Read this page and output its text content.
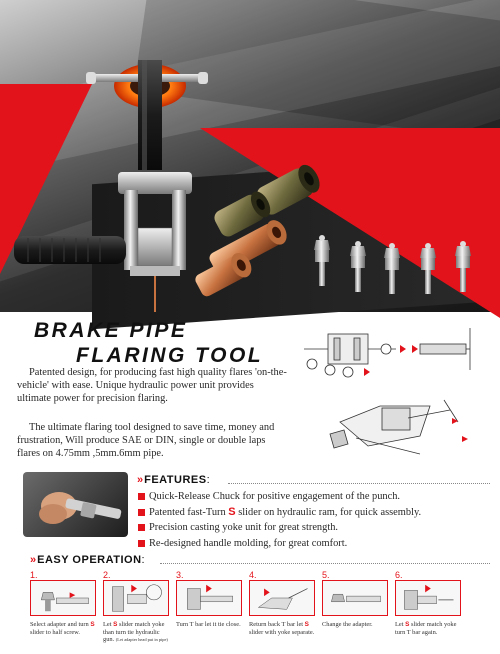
BRAKE PIPE
FLARING TOOL

Patented design, for producing fast high quality flares 'on-the-vehicle' with ease. Unique hydraulic power unit provides ultimate power for precision flaring.

The ultimate flaring tool designed to save time, money and frustration, Will produce SAE or DIN, single or double laps flares on 4.75mm ,5mm.6mm pipe.

» FEATURES:
Quick-Release Chuck for positive engagement of the punch.
Patented fast-Turn S slider on hydraulic ram, for quick assembly.
Precision casting yoke unit for great strength.
Re-designed handle molding, for great comfort.
» EASY OPERATION:
1.
Select adapter and turn S slider to half screw.
2.
Let S slider match yoke than turn tie hydraulic gun. (Let adapter head put in pipe)
3.
Turn T bar let it tie close.
4.
Return back T bar let S slider with yoke separate.
5.
Change the adapter.
6.
Let S slider match yoke turn T bar again.
